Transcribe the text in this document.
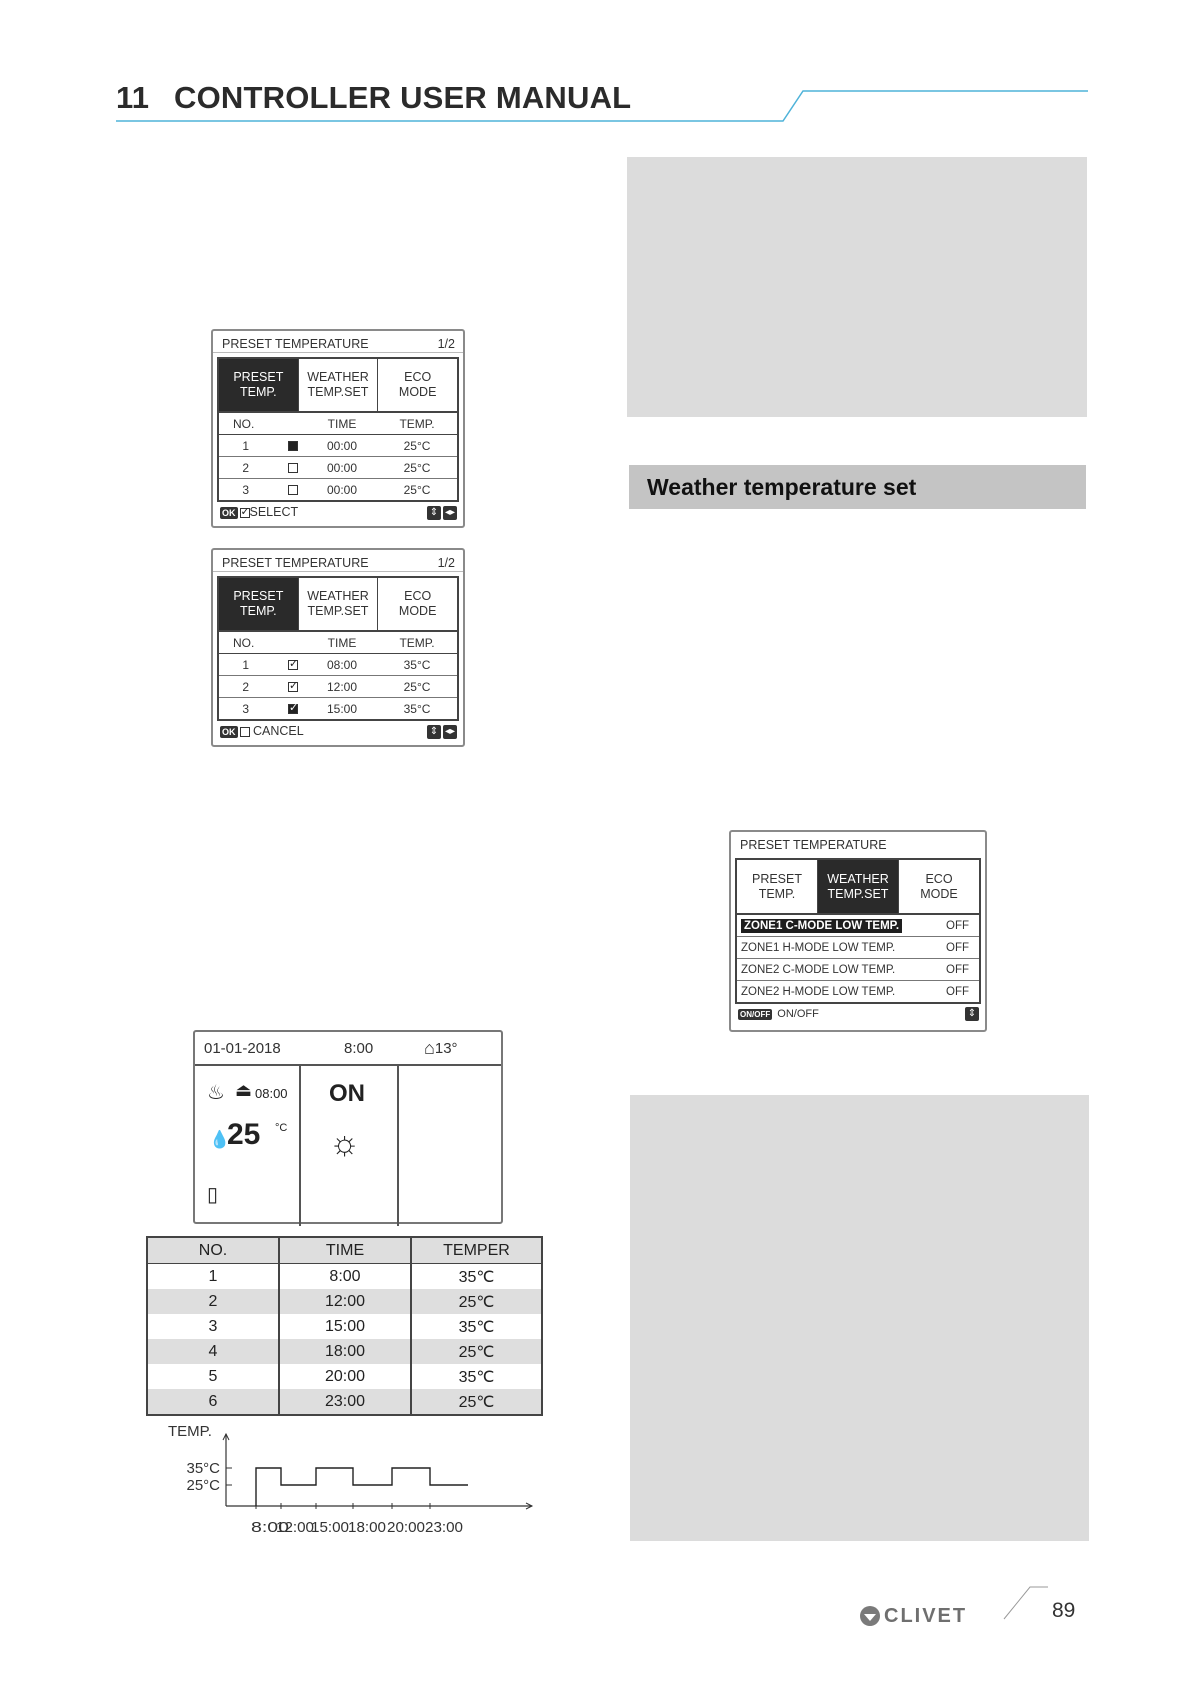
11 CONTROLLER USER MANUAL
Weather temperature set
PRESET TEMPERATURE	1/2
PRESET
TEMP.
WEATHER
TEMP.SET
ECO
MODE
NO.	TIME	TEMP.
1	00:00	25°C
2	00:00	25°C
3	00:00	25°C
OK ✓ SELECT	⇕ ◂▸
PRESET TEMPERATURE	1/2
PRESET
TEMP.
WEATHER
TEMP.SET
ECO
MODE
NO.	TIME	TEMP.
1 ✓	08:00	35°C
2 ✓	12:00	25°C
3 ✓	15:00	35°C
OK CANCEL	⇕ ◂▸
PRESET TEMPERATURE
PRESET
TEMP.
WEATHER
TEMP.SET
ECO
MODE
ZONE1 C-MODE LOW TEMP.	OFF
ZONE1 H-MODE LOW TEMP.	OFF
ZONE2 C-MODE LOW TEMP.	OFF
ZONE2 H-MODE LOW TEMP.	OFF
ON/OFF ON/OFF	⇕
01-01-2018	8:00	⌂ 13°
♨ ⏏ 08:00
💧
25 °C
▯
ON
☼
NO.	TIME	TEMPER
1	8:00	35℃
2	12:00	25℃
3	15:00	35℃
4	18:00	25℃
5	20:00	35℃
6	23:00	25℃
TEMP.
35°C
25°C
8:00
12:00
15:00 18:00 20:00 23:00
CLIVET	89
